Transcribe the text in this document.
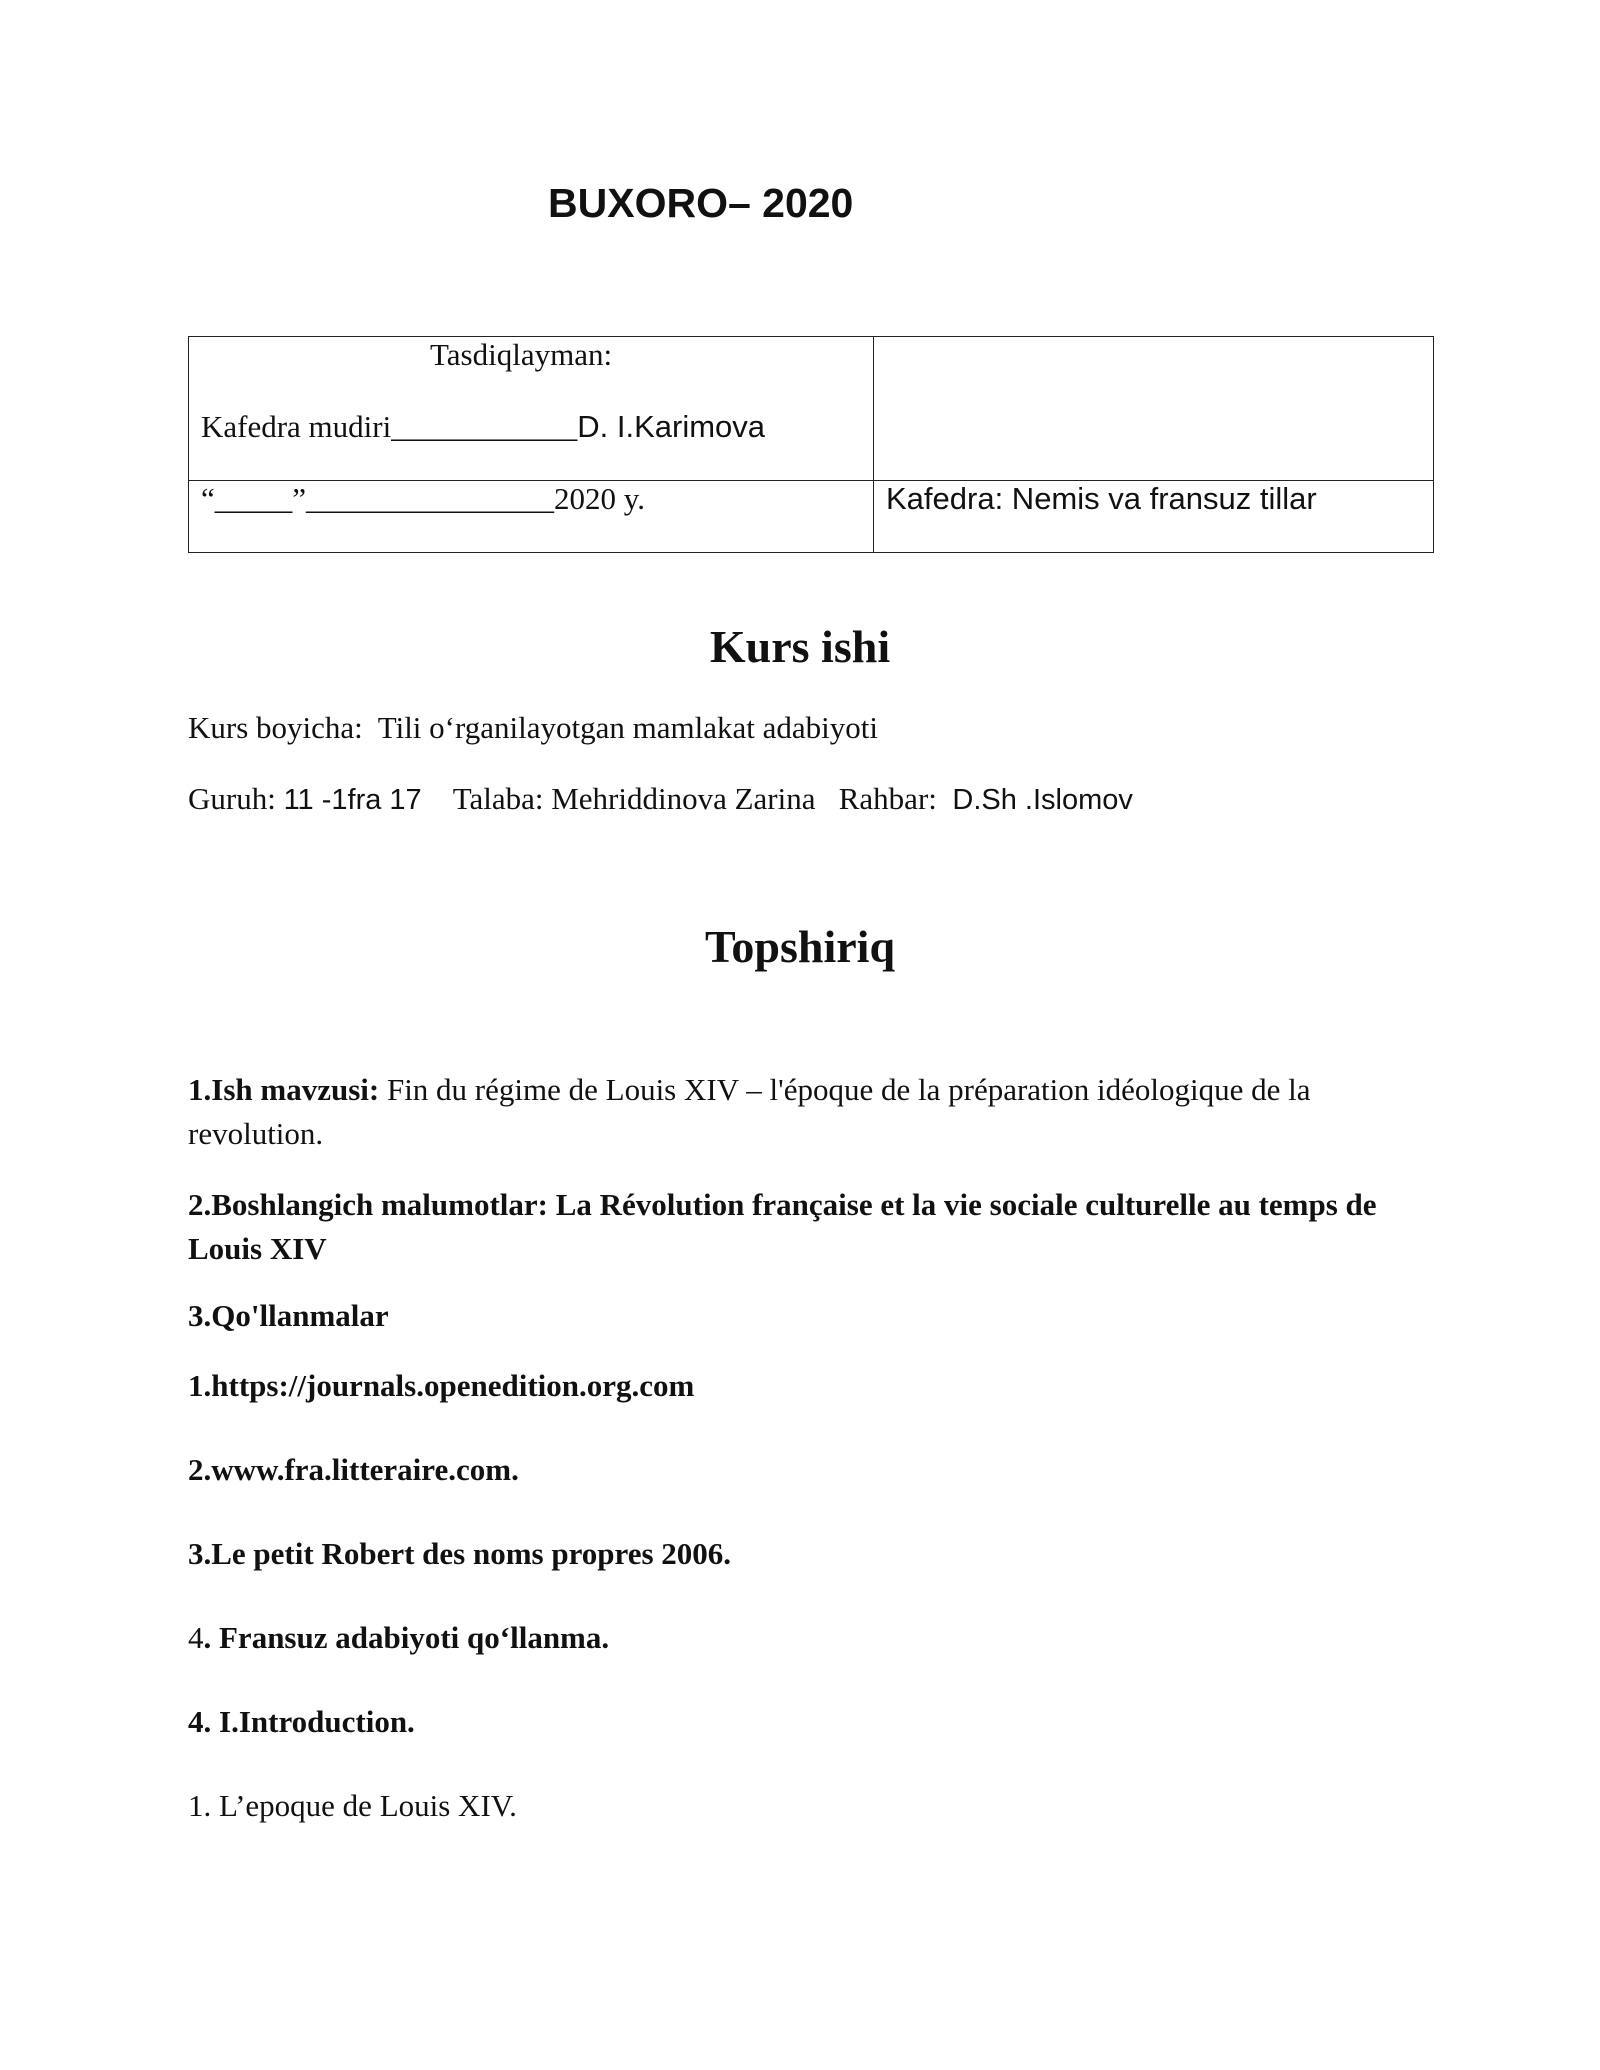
BUXORO– 2020
Tasdiqlayman:
Kafedra mudiri____________D. I.Karimova	

“_____”________________2020 y.	Kafedra: Nemis va fransuz tillar
Kurs ishi
Kurs boyicha: Tili o‘rganilayotgan mamlakat adabiyoti
Guruh: 11 -1fra 17 Talaba: Mehriddinova Zarina Rahbar: D.Sh .Islomov
Topshiriq
1.Ish mavzusi: Fin du régime de Louis XIV – l'époque de la préparation idéologique de la revolution.
2.Boshlangich malumotlar: La Révolution française et la vie sociale culturelle au temps de Louis XIV
3.Qo'llanmalar
1.https://journals.openedition.org.com
2.www.fra.litteraire.com.
3.Le petit Robert des noms propres 2006.
4. Fransuz adabiyoti qo‘llanma.
4. I.Introduction.
1. L’epoque de Louis XIV.
